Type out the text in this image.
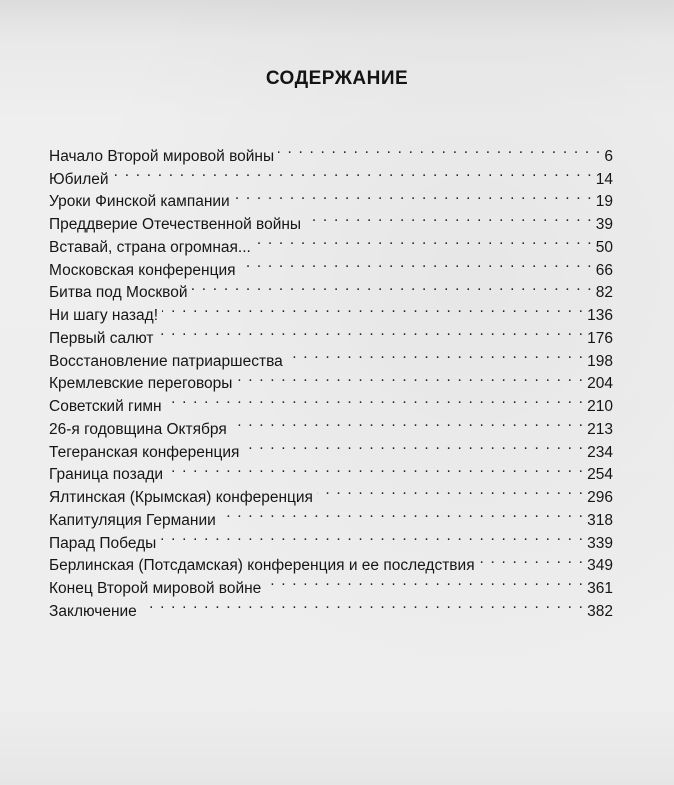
СОДЕРЖАНИЕ
Начало Второй мировой войны . . .	6
Юбилей . . .	14
Уроки Финской кампании . . .	19
Преддверие Отечественной войны . . .	39
Вставай, страна огромная... . . .	50
Московская конференция . . .	66
Битва под Москвой . . .	82
Ни шагу назад! . . .	136
Первый салют . . .	176
Восстановление патриаршества . . .	198
Кремлевские переговоры . . .	204
Советский гимн . . .	210
26-я годовщина Октября . . .	213
Тегеранская конференция . . .	234
Граница позади . . .	254
Ялтинская (Крымская) конференция . . .	296
Капитуляция Германии . . .	318
Парад Победы . . .	339
Берлинская (Потсдамская) конференция и ее последствия . . .	349
Конец Второй мировой войне . . .	361
Заключение . . .	382
